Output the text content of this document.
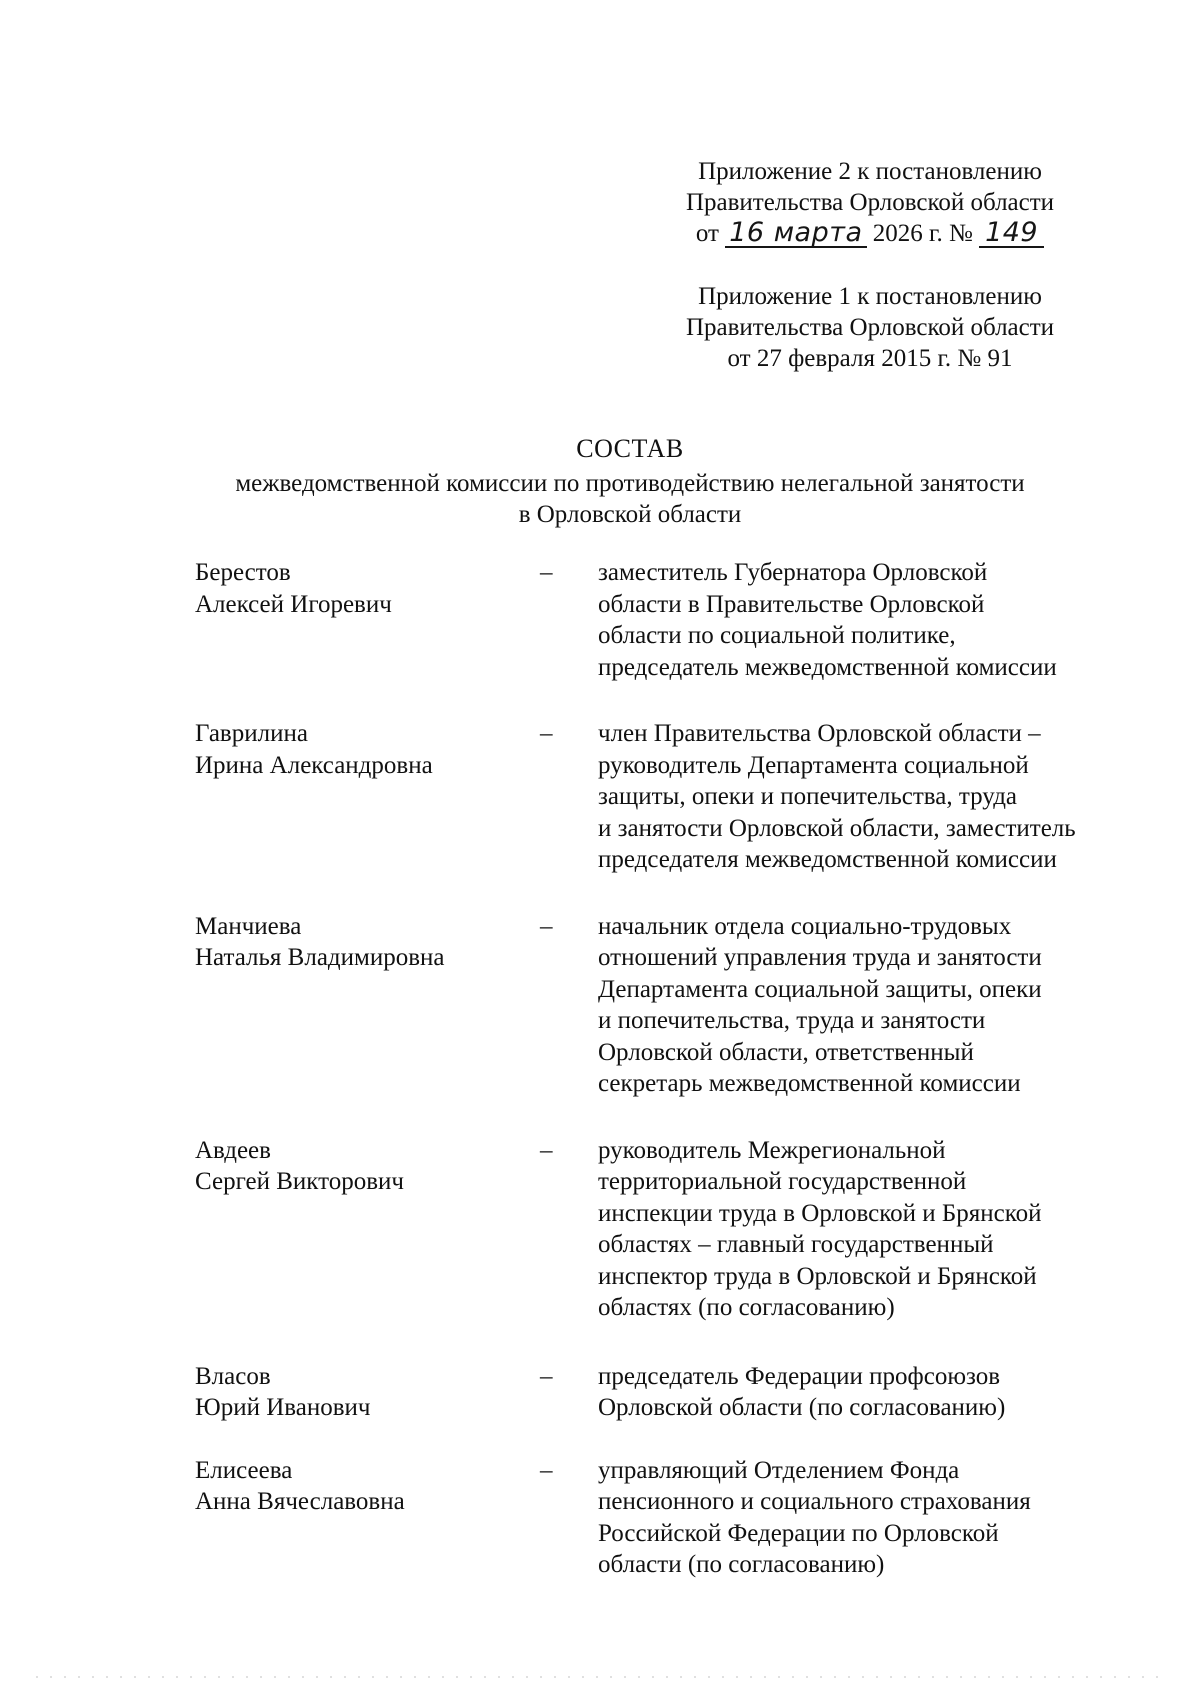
Приложение 2 к постановлению
Правительства Орловской области
от 16 марта 2026 г. № 149
Приложение 1 к постановлению
Правительства Орловской области
от 27 февраля 2015 г. № 91
СОСТАВ
межведомственной комиссии по противодействию нелегальной занятости
в Орловской области
Берестов
Алексей Игоревич
–	заместитель Губернатора Орловской
области в Правительстве Орловской
области по социальной политике,
председатель межведомственной комиссии
Гаврилина
Ирина Александровна
–	член Правительства Орловской области –
руководитель Департамента социальной
защиты, опеки и попечительства, труда
и занятости Орловской области, заместитель
председателя межведомственной комиссии
Манчиева
Наталья Владимировна
–	начальник отдела социально-трудовых
отношений управления труда и занятости
Департамента социальной защиты, опеки
и попечительства, труда и занятости
Орловской области, ответственный
секретарь межведомственной комиссии
Авдеев
Сергей Викторович
–	руководитель Межрегиональной
территориальной государственной
инспекции труда в Орловской и Брянской
областях – главный государственный
инспектор труда в Орловской и Брянской
областях (по согласованию)
Власов
Юрий Иванович
–	председатель Федерации профсоюзов
Орловской области (по согласованию)
Елисеева
Анна Вячеславовна
–	управляющий Отделением Фонда
пенсионного и социального страхования
Российской Федерации по Орловской
области (по согласованию)
